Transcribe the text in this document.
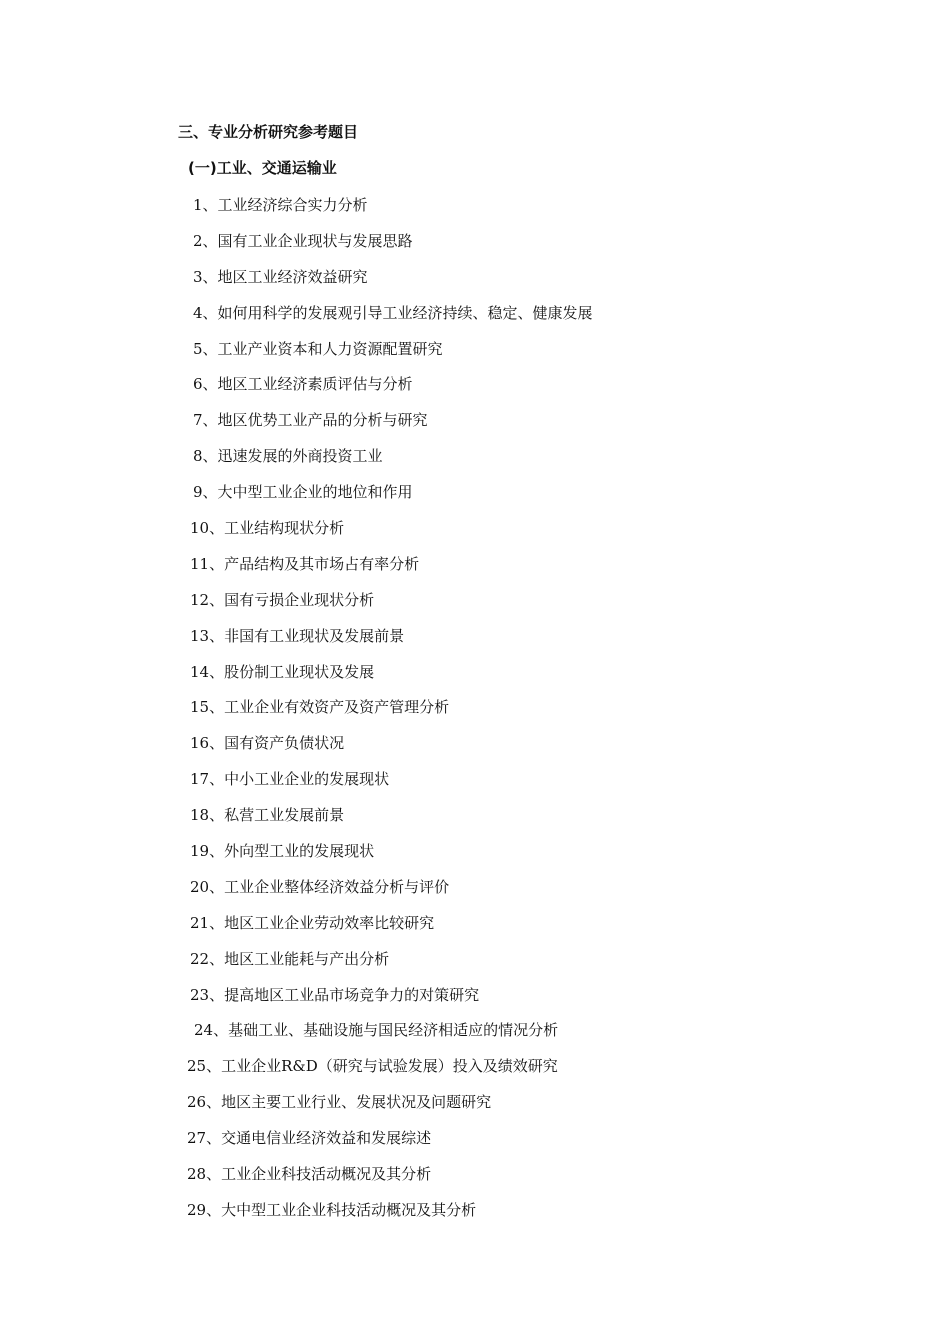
三、专业分析研究参考题目
(一)工业、交通运输业
1、工业经济综合实力分析
2、国有工业企业现状与发展思路
3、地区工业经济效益研究
4、如何用科学的发展观引导工业经济持续、稳定、健康发展
5、工业产业资本和人力资源配置研究
6、地区工业经济素质评估与分析
7、地区优势工业产品的分析与研究
8、迅速发展的外商投资工业
9、大中型工业企业的地位和作用
10、工业结构现状分析
11、产品结构及其市场占有率分析
12、国有亏损企业现状分析
13、非国有工业现状及发展前景
14、股份制工业现状及发展
15、工业企业有效资产及资产管理分析
16、国有资产负债状况
17、中小工业企业的发展现状
18、私营工业发展前景
19、外向型工业的发展现状
20、工业企业整体经济效益分析与评价
21、地区工业企业劳动效率比较研究
22、地区工业能耗与产出分析
23、提高地区工业品市场竞争力的对策研究
24、基础工业、基础设施与国民经济相适应的情况分析
25、工业企业R&D（研究与试验发展）投入及绩效研究
26、地区主要工业行业、发展状况及问题研究
27、交通电信业经济效益和发展综述
28、工业企业科技活动概况及其分析
29、大中型工业企业科技活动概况及其分析
